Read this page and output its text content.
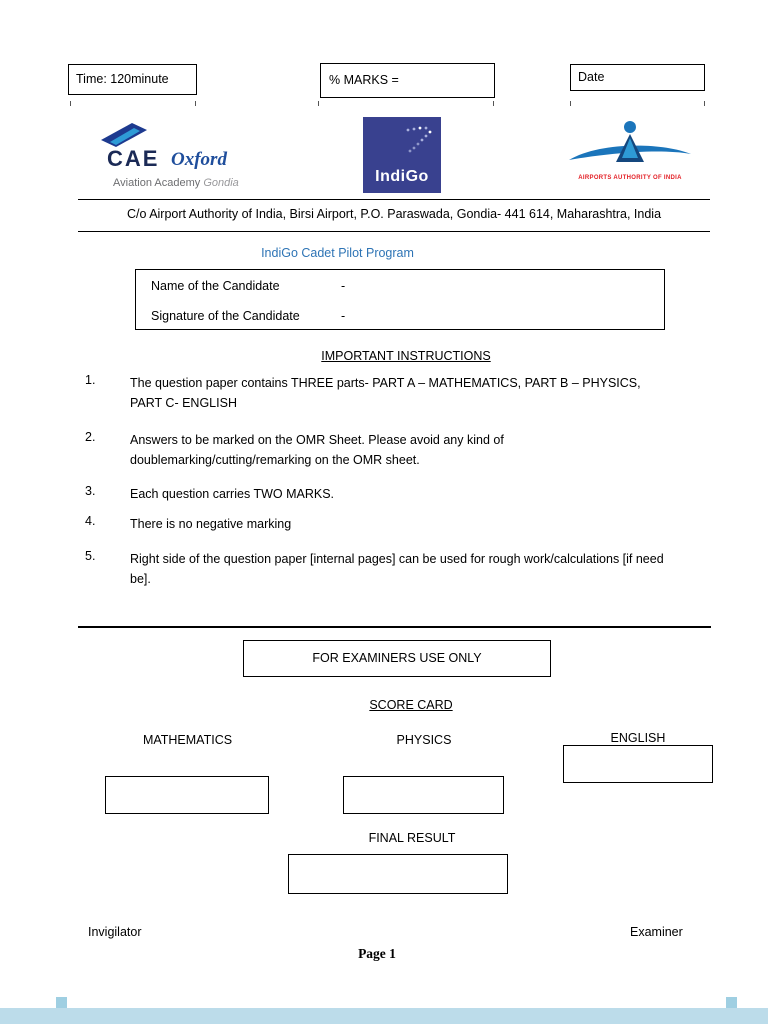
Time: 120minute	% MARKS =	Date
CAE Oxford
Aviation Academy Gondia	IndiGo	AIRPORTS AUTHORITY OF INDIA
C/o Airport Authority of India, Birsi Airport, P.O. Paraswada, Gondia- 441 614, Maharashtra, India
IndiGo Cadet Pilot Program
Name of the Candidate	-
Signature of the Candidate	-
IMPORTANT INSTRUCTIONS
1.	The question paper contains THREE parts- PART A – MATHEMATICS, PART B – PHYSICS,
PART C- ENGLISH
2.	Answers to be marked on the OMR Sheet. Please avoid any kind of
doublemarking/cutting/remarking on the OMR sheet.
3.	Each question carries TWO MARKS.
4.	There is no negative marking
5.	Right side of the question paper [internal pages] can be used for rough work/calculations [if need
be].
FOR EXAMINERS USE ONLY
SCORE CARD
MATHEMATICS	PHYSICS	ENGLISH
FINAL RESULT
Invigilator	Examiner
Page 1
